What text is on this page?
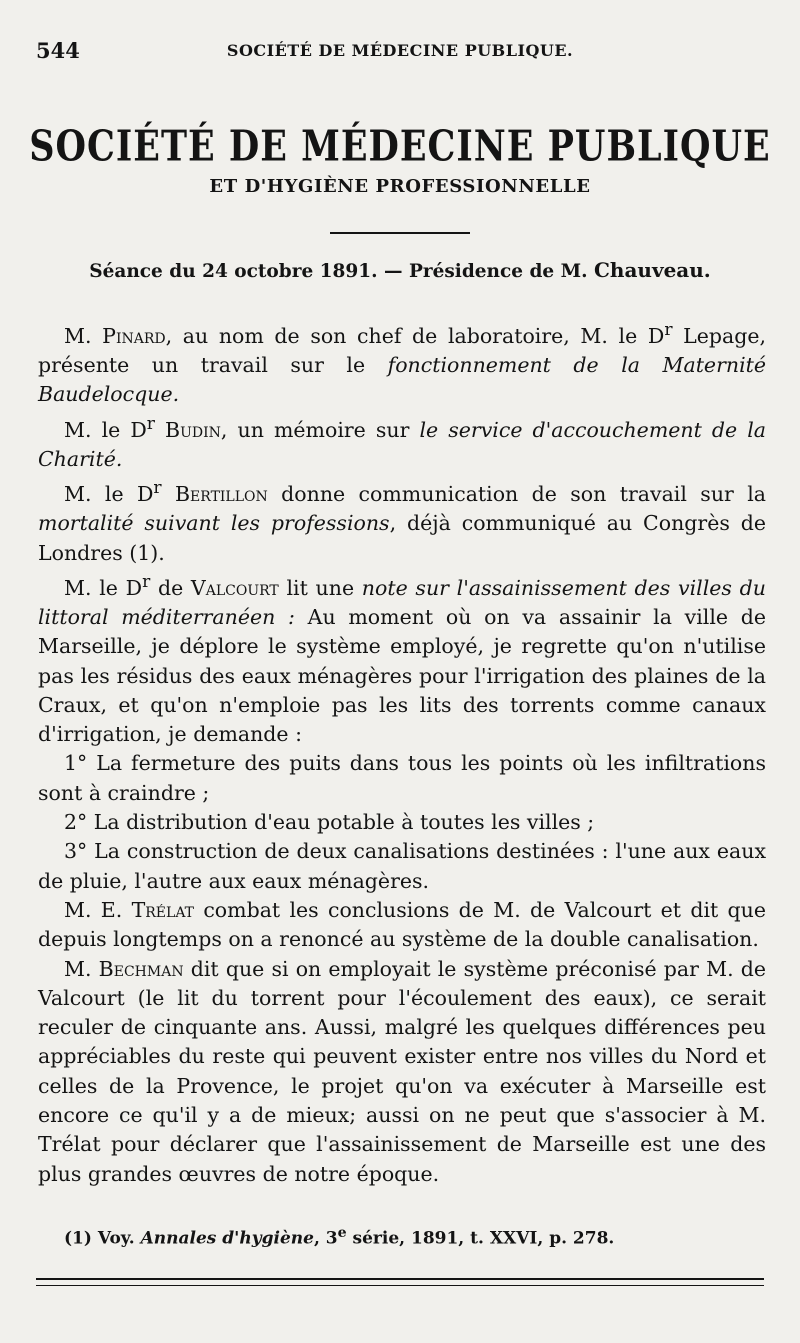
544	SOCIÉTÉ DE MÉDECINE PUBLIQUE.
SOCIÉTÉ DE MÉDECINE PUBLIQUE
ET D'HYGIÈNE PROFESSIONNELLE
Séance du 24 octobre 1891. — Présidence de M. Chauveau.

M. Pinard, au nom de son chef de laboratoire, M. le $D^r$ Lepage, présente un travail sur le fonctionnement de la Maternité Baudelocque.

M. le $D^r$ Budin, un mémoire sur le service d'accouchement de la Charité.

M. le $D^r$ Bertillon donne communication de son travail sur la mortalité suivant les professions, déjà communiqué au Congrès de Londres (1).

M. le $D^r$ de Valcourt lit une note sur l'assainissement des villes du littoral méditerranéen : Au moment où on va assainir la ville de Marseille, je déplore le système employé, je regrette qu'on n'utilise pas les résidus des eaux ménagères pour l'irrigation des plaines de la Craux, et qu'on n'emploie pas les lits des torrents comme canaux d'irrigation, je demande :

1° La fermeture des puits dans tous les points où les infiltrations sont à craindre ;

2° La distribution d'eau potable à toutes les villes ;

3° La construction de deux canalisations destinées : l'une aux eaux de pluie, l'autre aux eaux ménagères.

M. E. Trélat combat les conclusions de M. de Valcourt et dit que depuis longtemps on a renoncé au système de la double canalisation.

M. Bechman dit que si on employait le système préconisé par M. de Valcourt (le lit du torrent pour l'écoulement des eaux), ce serait reculer de cinquante ans. Aussi, malgré les quelques différences peu appréciables du reste qui peuvent exister entre nos villes du Nord et celles de la Provence, le projet qu'on va exécuter à Marseille est encore ce qu'il y a de mieux; aussi on ne peut que s'associer à M. Trélat pour déclarer que l'assainissement de Marseille est une des plus grandes œuvres de notre époque.

(1) Voy. Annales d'hygiène, 3e série, 1891, t. XXVI, p. 278.
